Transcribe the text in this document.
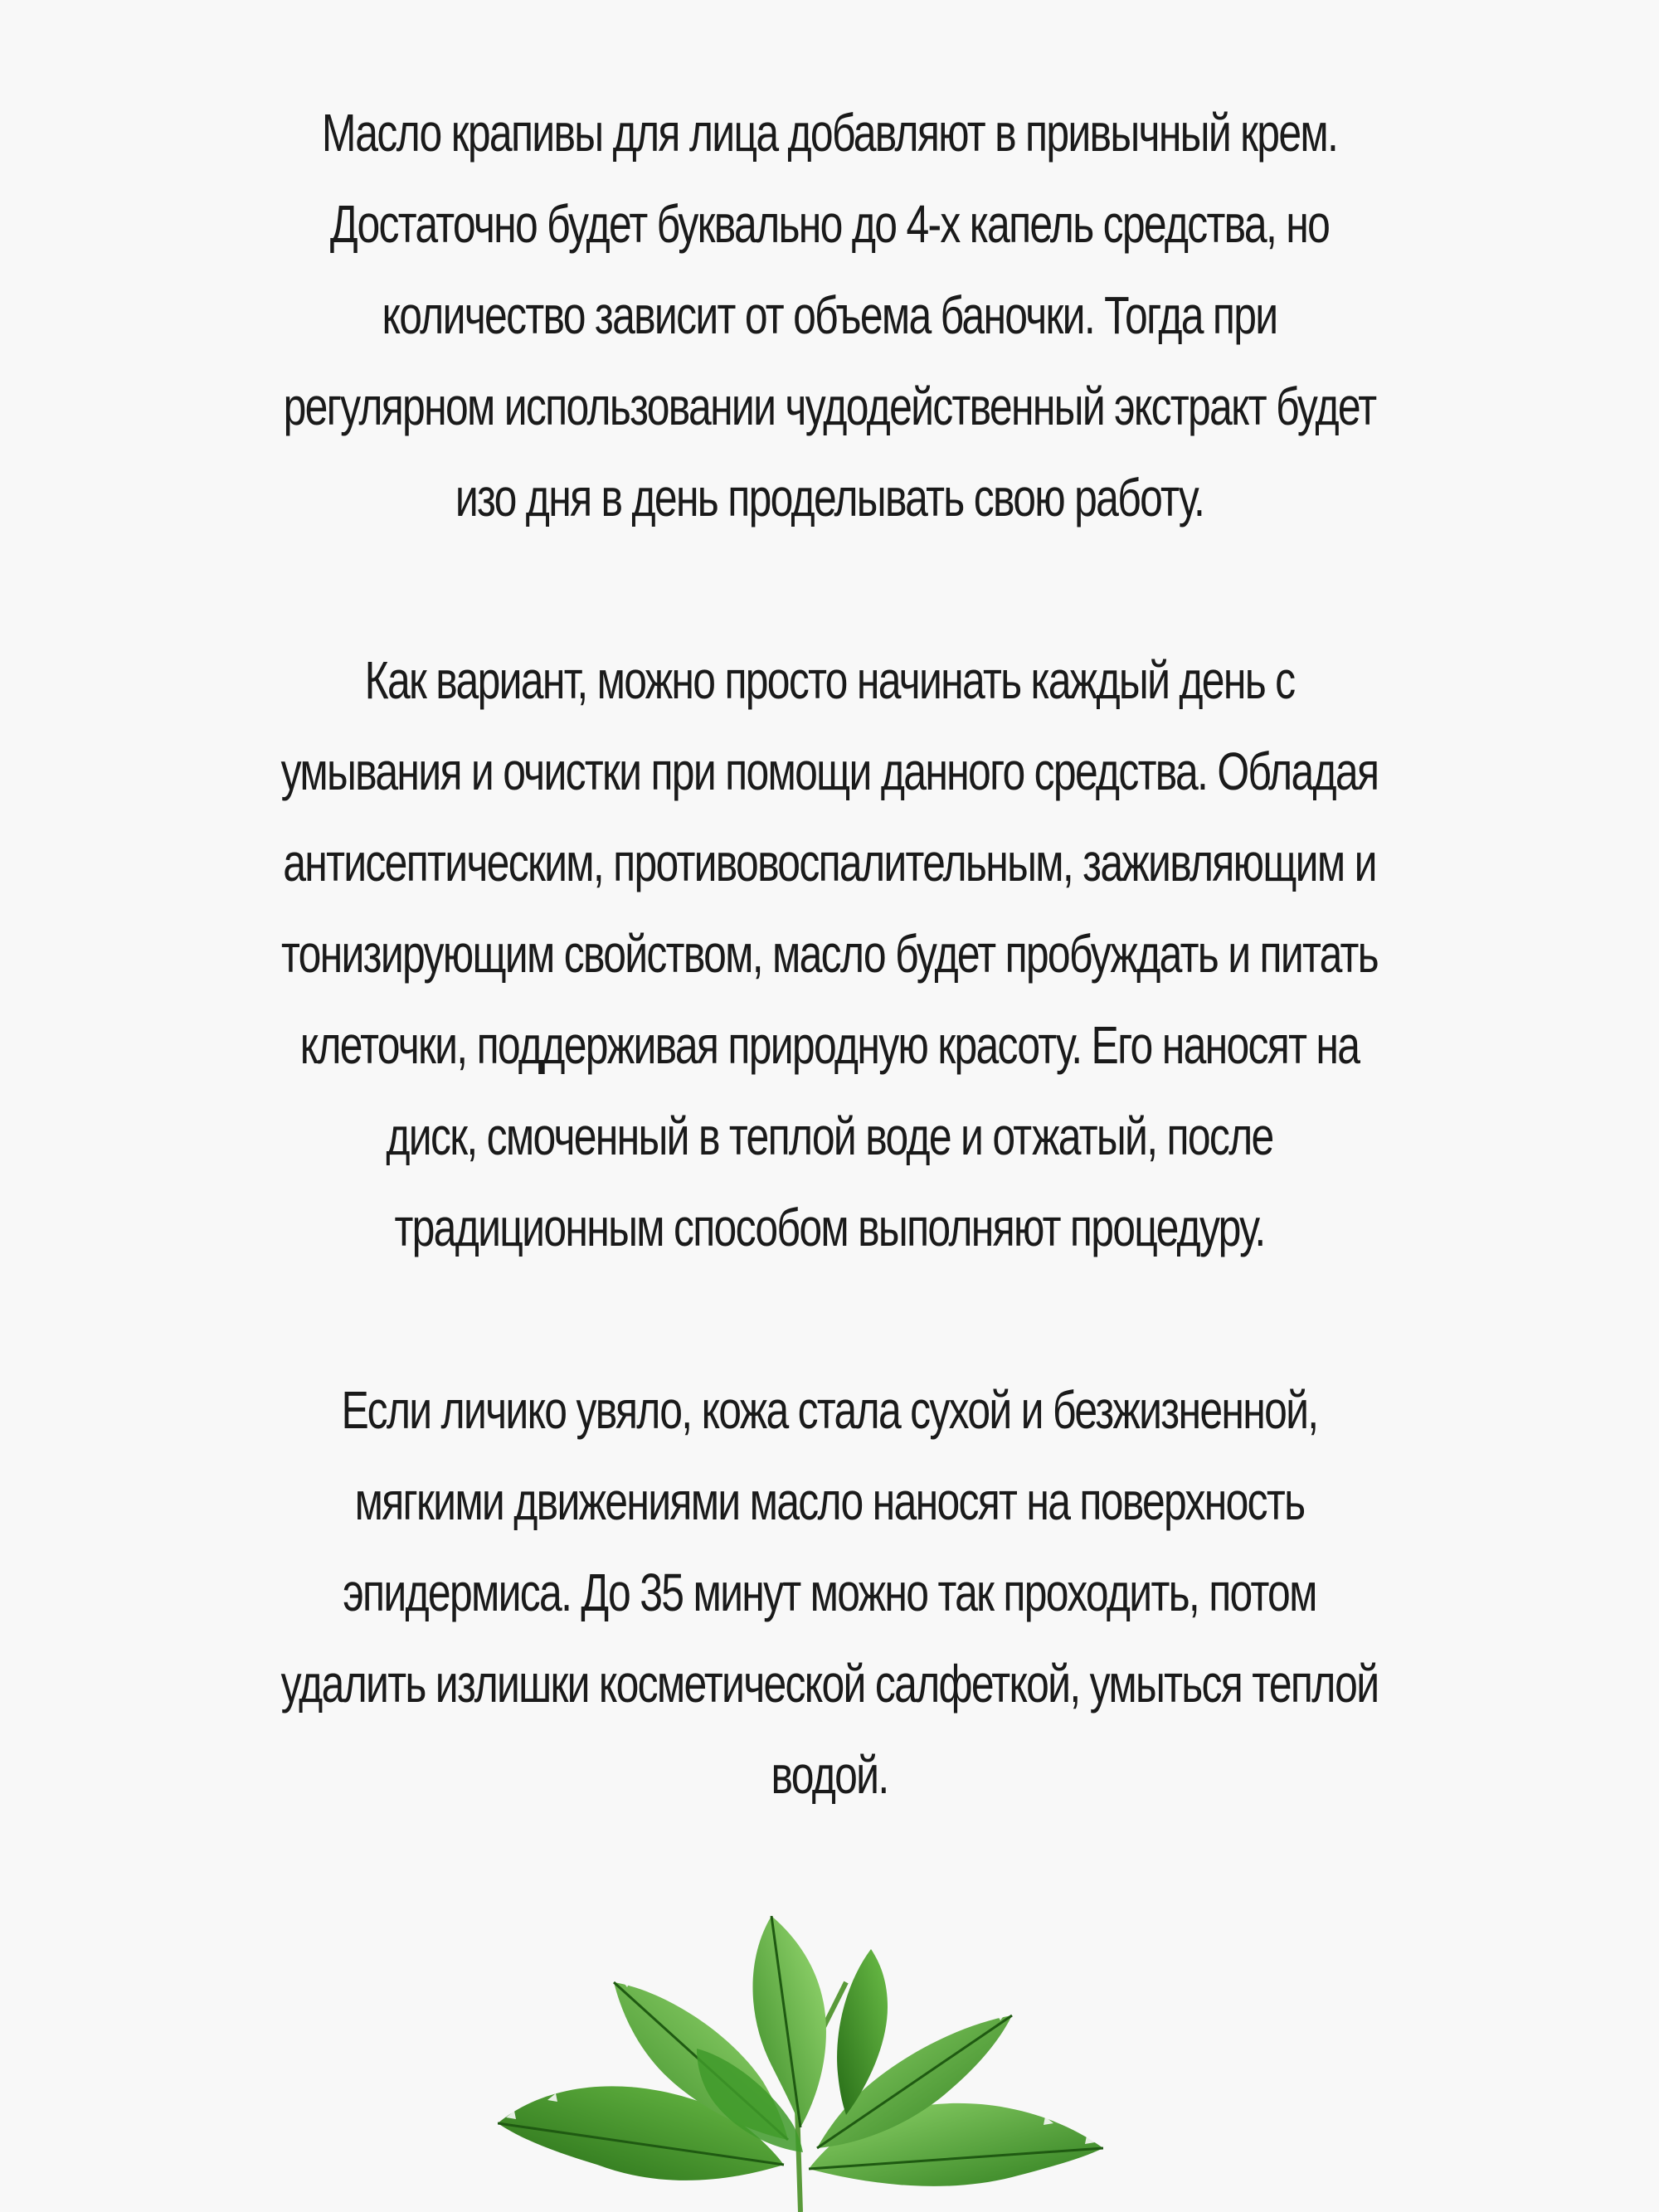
Масло крапивы для лица добавляют в привычный крем. Достаточно будет буквально до 4-х капель средства, но количество зависит от объема баночки. Тогда при регулярном использовании чудодейственный экстракт будет изо дня в день проделывать свою работу.

Как вариант, можно просто начинать каждый день с умывания и очистки при помощи данного средства. Обладая антисептическим, противовоспалительным, заживляющим и тонизирующим свойством, масло будет пробуждать и питать клеточки, поддерживая природную красоту. Его наносят на диск, смоченный в теплой воде и отжатый, после традиционным способом выполняют процедуру.

Если личико увяло, кожа стала сухой и безжизненной, мягкими движениями масло наносят на поверхность эпидермиса. До 35 минут можно так проходить, потом удалить излишки косметической салфеткой, умыться теплой водой.
